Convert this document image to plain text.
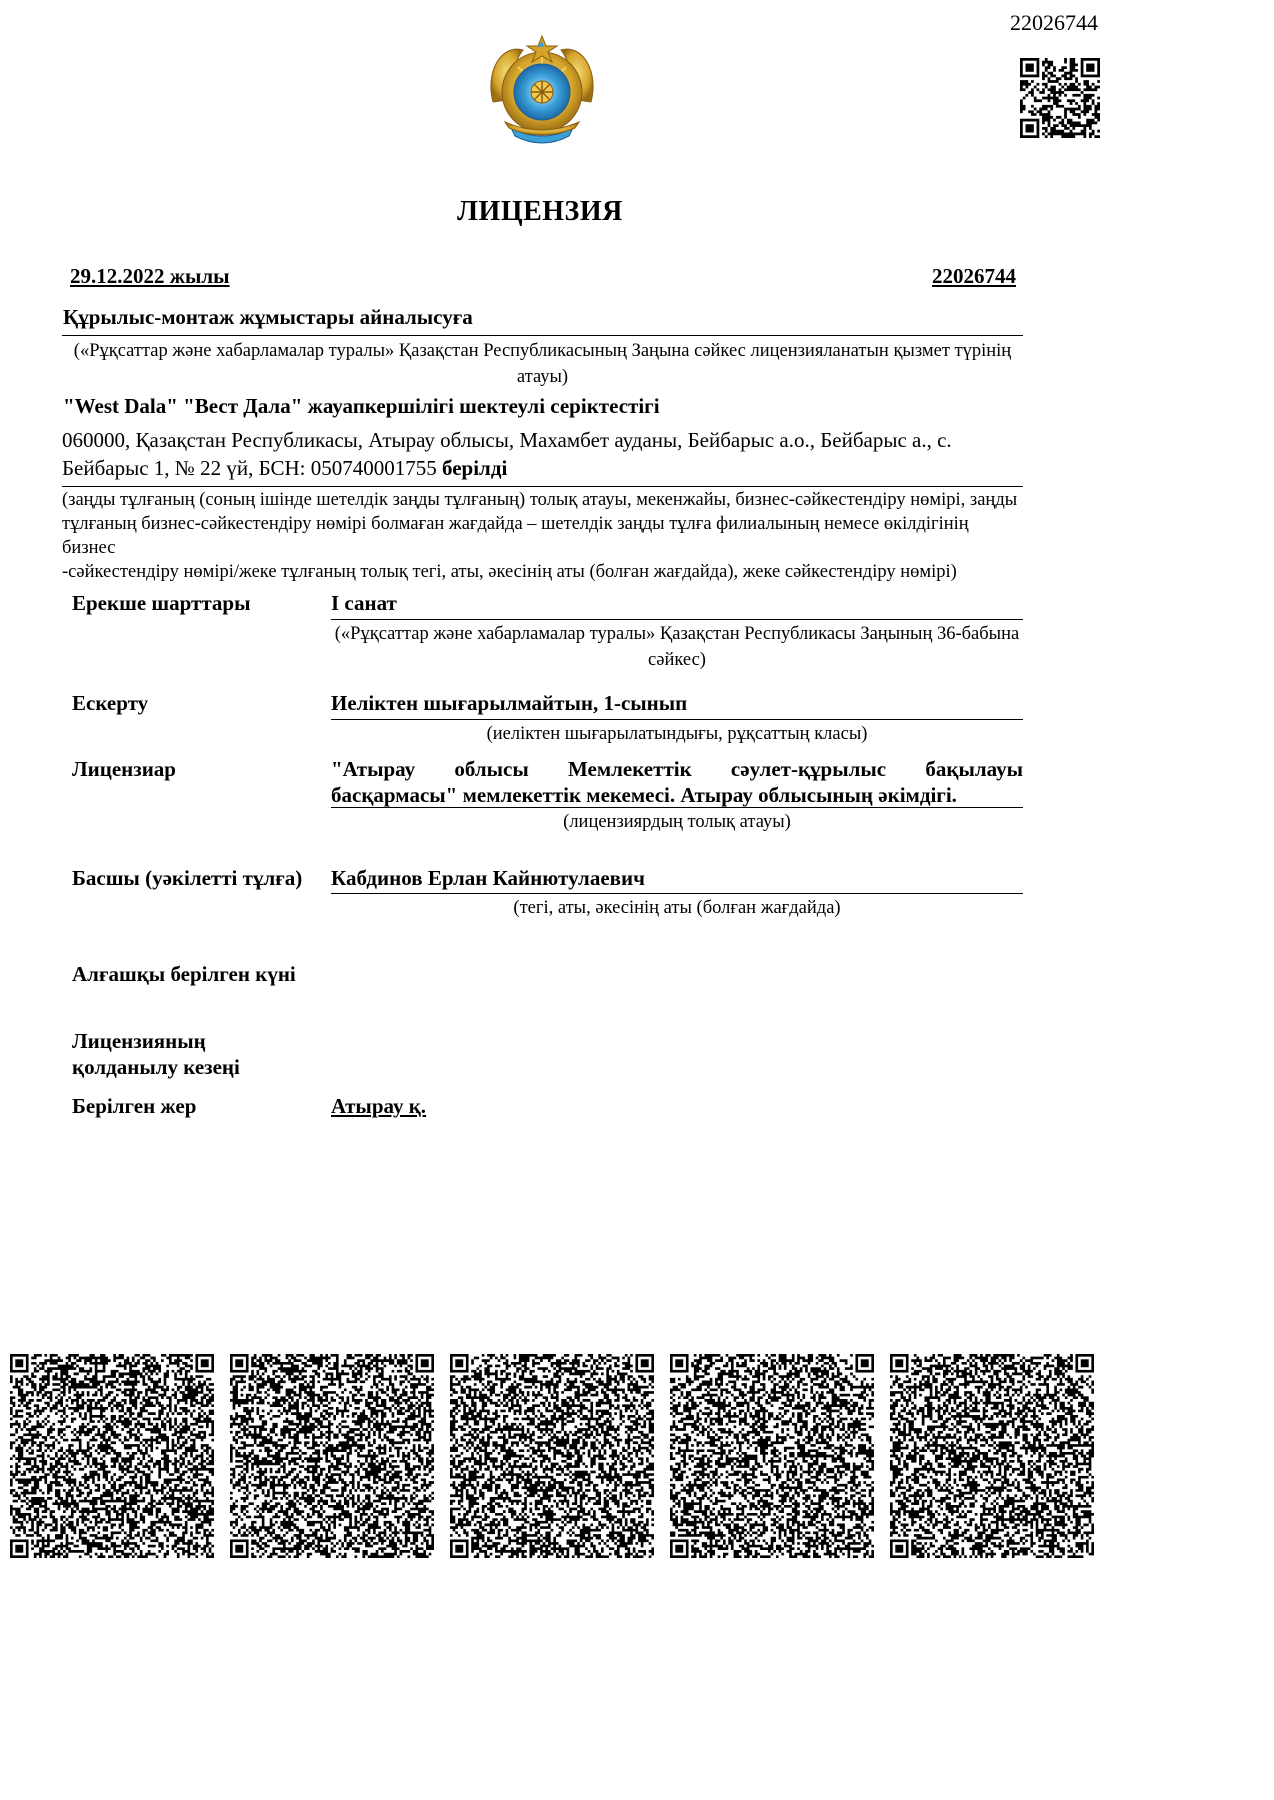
22026744
ЛИЦЕНЗИЯ
29.12.2022 жылы	22026744
Құрылыс-монтаж жұмыстары айналысуға
(«Рұқсаттар және хабарламалар туралы» Қазақстан Республикасының Заңына сәйкес лицензияланатын қызмет түрінің
атауы)
"West Dala" "Вест Дала" жауапкершілігі шектеулі серіктестігі
060000, Қазақстан Республикасы, Атырау облысы, Махамбет ауданы, Бейбарыс а.о., Бейбарыс а., с.
Бейбарыс 1, № 22 үй, БСН: 050740001755 берілді
(заңды тұлғаның (соның ішінде шетелдік заңды тұлғаның) толық атауы, мекенжайы, бизнес-сәйкестендіру нөмірі, заңды
тұлғаның бизнес-сәйкестендіру нөмірі болмаған жағдайда – шетелдік заңды тұлға филиалының немесе өкілдігінің бизнес
-сәйкестендіру нөмірі/жеке тұлғаның толық тегі, аты, әкесінің аты (болған жағдайда), жеке сәйкестендіру нөмірі)
Ерекше шарттары	I санат
(«Рұқсаттар және хабарламалар туралы» Қазақстан Республикасы Заңының 36-бабына
сәйкес)
Ескерту	Иеліктен шығарылмайтын, 1-сынып
(иеліктен шығарылатындығы, рұқсаттың класы)
Лицензиар	"Атырау облысы Мемлекеттік сәулет-құрылыс бақылауы
басқармасы" мемлекеттік мекемесі. Атырау облысының әкімдігі.
(лицензиярдың толық атауы)
Басшы (уәкілетті тұлға) Кабдинов Ерлан Кайнютулаевич
(тегі, аты, әкесінің аты (болған жағдайда)
Алғашқы берілген күні
Лицензияның
қолданылу кезеңі
Берілген жер	Атырау қ.
